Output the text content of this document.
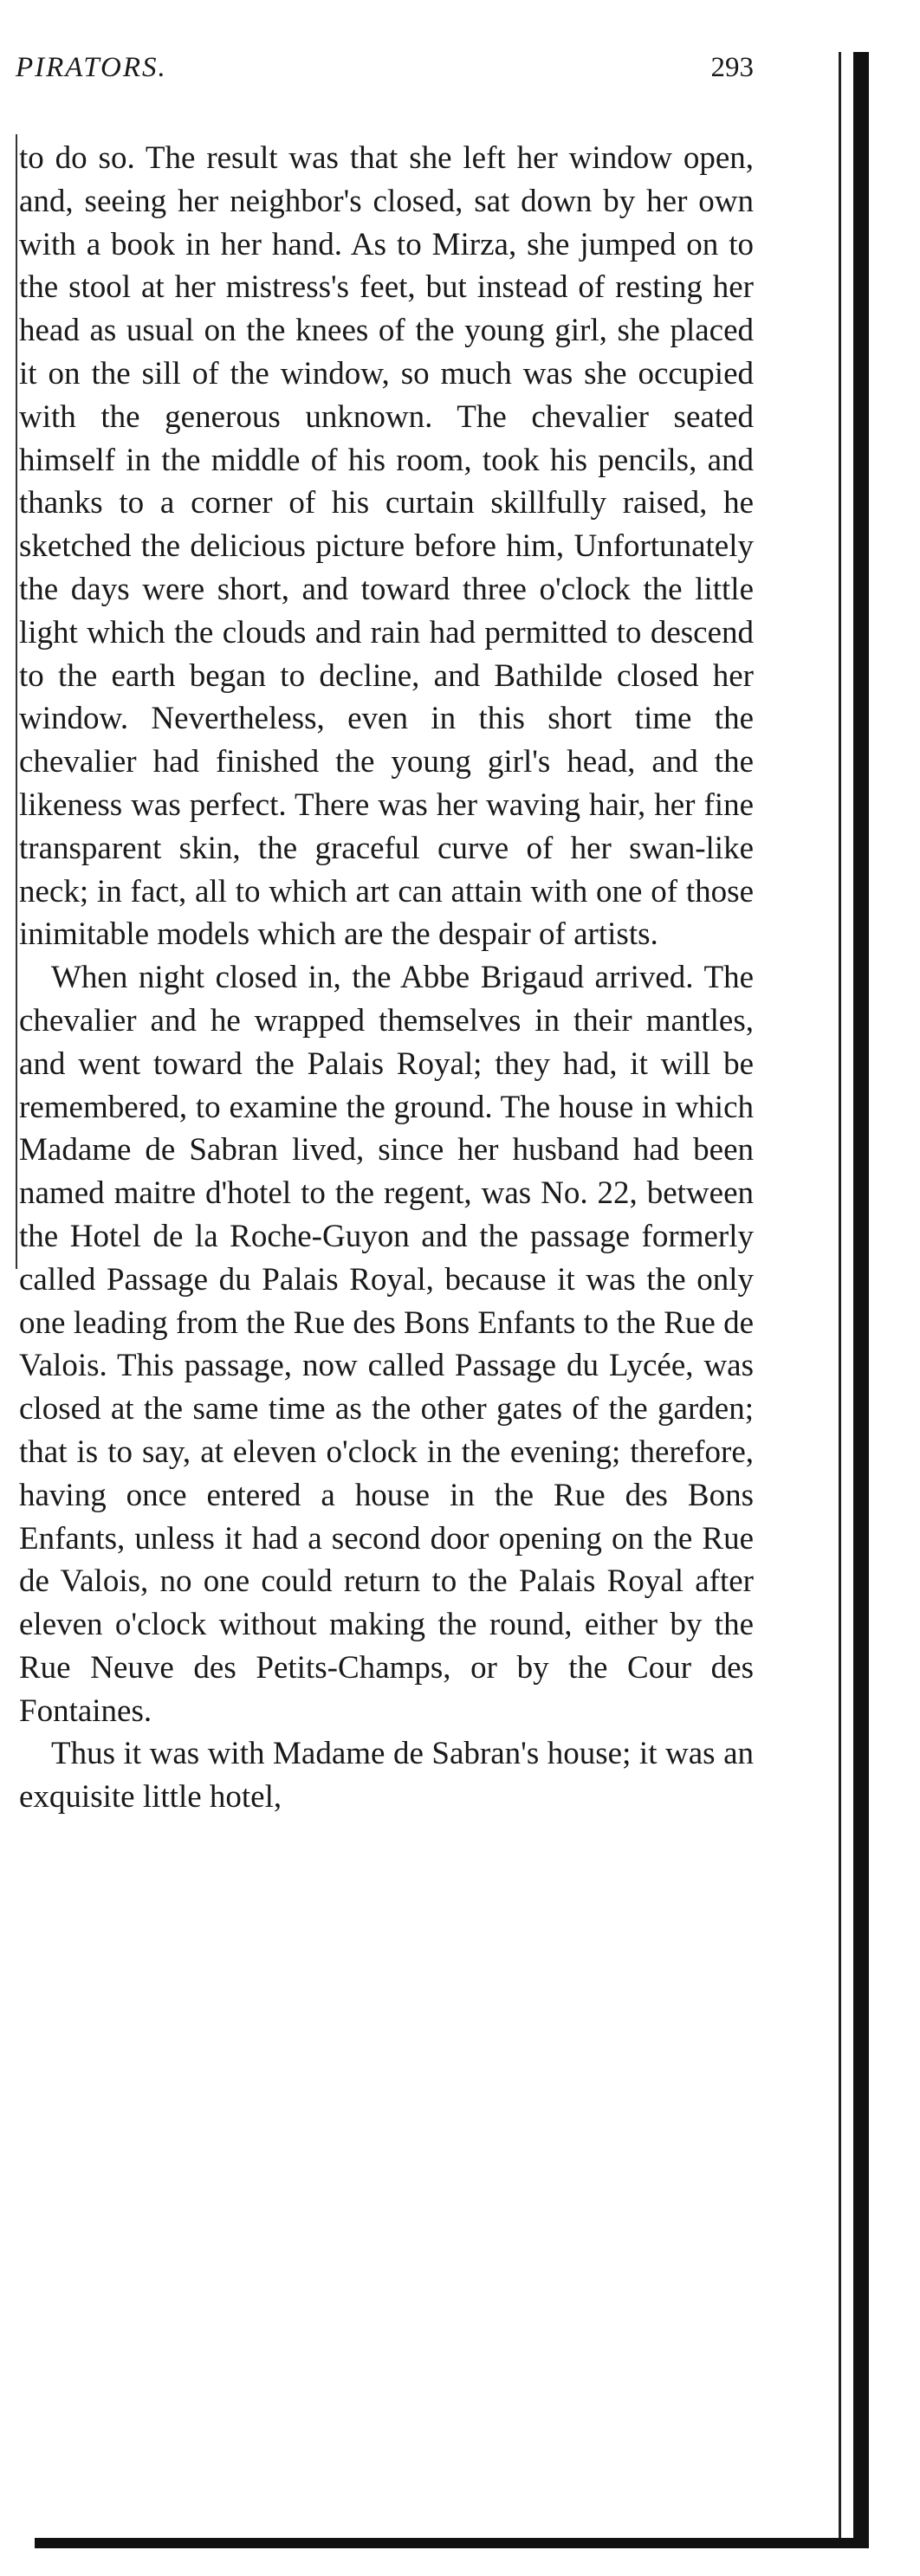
PIRATORS.	293

to do so. The result was that she left her window open, and, seeing her neighbor's closed, sat down by her own with a book in her hand. As to Mirza, she jumped on to the stool at her mistress's feet, but instead of resting her head as usual on the knees of the young girl, she placed it on the sill of the window, so much was she occupied with the generous unknown. The chevalier seated himself in the middle of his room, took his pencils, and thanks to a corner of his curtain skillfully raised, he sketched the delicious picture before him, Unfortunately the days were short, and toward three o'clock the little light which the clouds and rain had permitted to descend to the earth began to decline, and Bathilde closed her window. Nevertheless, even in this short time the chevalier had finished the young girl's head, and the likeness was perfect. There was her waving hair, her fine transparent skin, the graceful curve of her swan-like neck; in fact, all to which art can attain with one of those inimitable models which are the despair of artists.

When night closed in, the Abbe Brigaud arrived. The chevalier and he wrapped themselves in their mantles, and went toward the Palais Royal; they had, it will be remembered, to examine the ground. The house in which Madame de Sabran lived, since her husband had been named maitre d'hotel to the regent, was No. 22, between the Hotel de la Roche-Guyon and the passage formerly called Passage du Palais Royal, because it was the only one leading from the Rue des Bons Enfants to the Rue de Valois. This passage, now called Passage du Lycée, was closed at the same time as the other gates of the garden; that is to say, at eleven o'clock in the evening; therefore, having once entered a house in the Rue des Bons Enfants, unless it had a second door opening on the Rue de Valois, no one could return to the Palais Royal after eleven o'clock without making the round, either by the Rue Neuve des Petits-Champs, or by the Cour des Fontaines.

Thus it was with Madame de Sabran's house; it was an exquisite little hotel,
